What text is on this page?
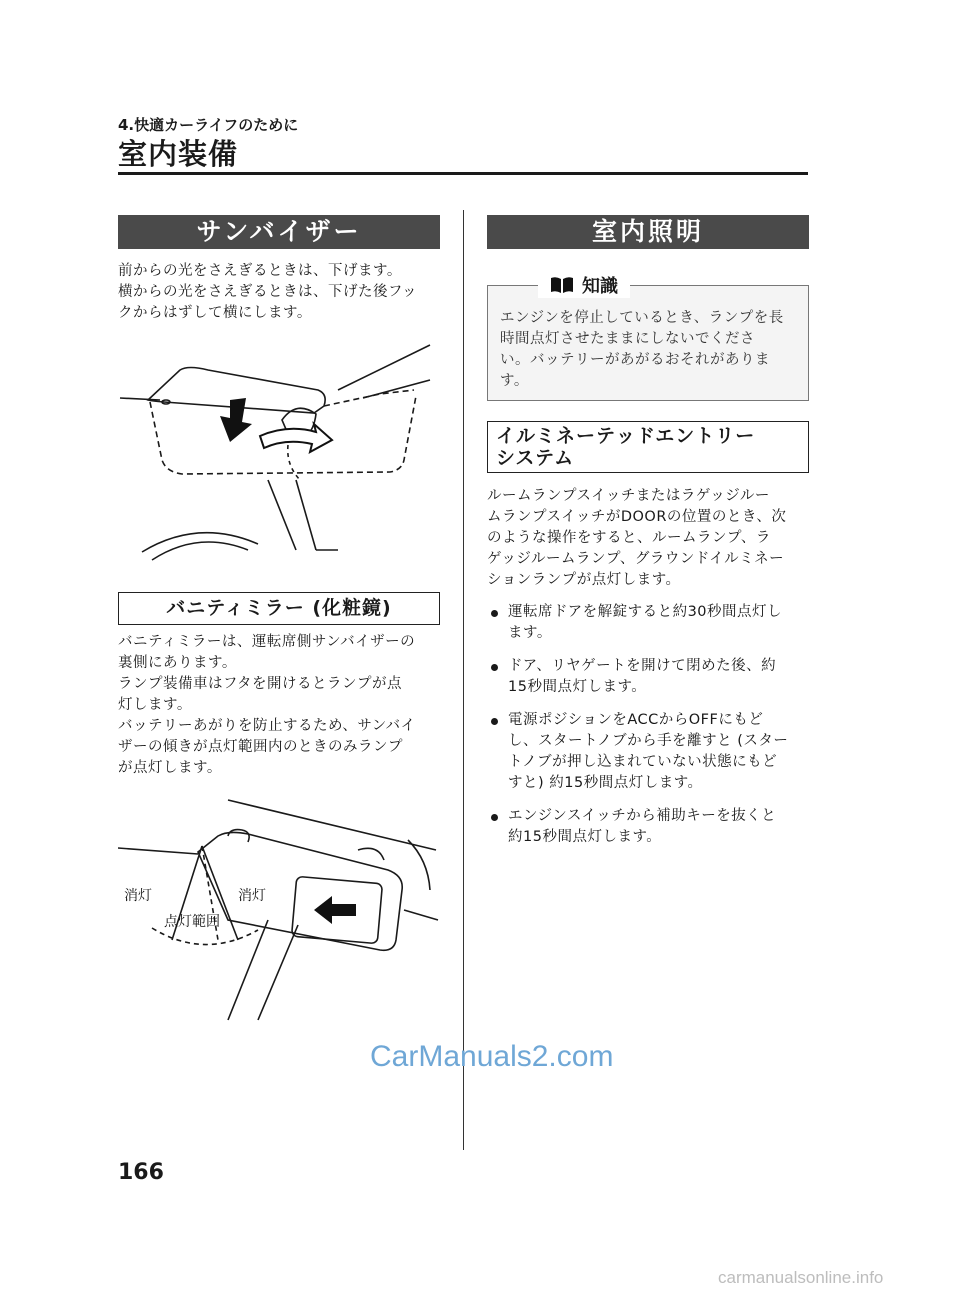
4.快適カーライフのために
室内装備
サンバイザー
前からの光をさえぎるときは、下げます。
横からの光をさえぎるときは、下げた後フッ
クからはずして横にします。
バニティミラー (化粧鏡)
バニティミラーは、運転席側サンバイザーの
裏側にあります。
ランプ装備車はフタを開けるとランプが点
灯します。
バッテリーあがりを防止するため、サンバイ
ザーの傾きが点灯範囲内のときのみランプ
が点灯します。
消灯	消灯
点灯範囲
室内照明
知識
エンジンを停止しているとき、ランプを長
時間点灯させたままにしないでくださ
い。バッテリーがあがるおそれがありま
す。
イルミネーテッドエントリー
システム
ルームランプスイッチまたはラゲッジルー
ムランプスイッチがDOORの位置のとき、次
のような操作をすると、ルームランプ、ラ
ゲッジルームランプ、グラウンドイルミネー
ションランプが点灯します。
運転席ドアを解錠すると約30秒間点灯し
ます。
ドア、リヤゲートを開けて閉めた後、約
15秒間点灯します。
電源ポジションをACCからOFFにもど
し、スタートノブから手を離すと (スター
トノブが押し込まれていない状態にもど
すと) 約15秒間点灯します。
エンジンスイッチから補助キーを抜くと
約15秒間点灯します。
CarManuals2.com
166
carmanualsonline.info
